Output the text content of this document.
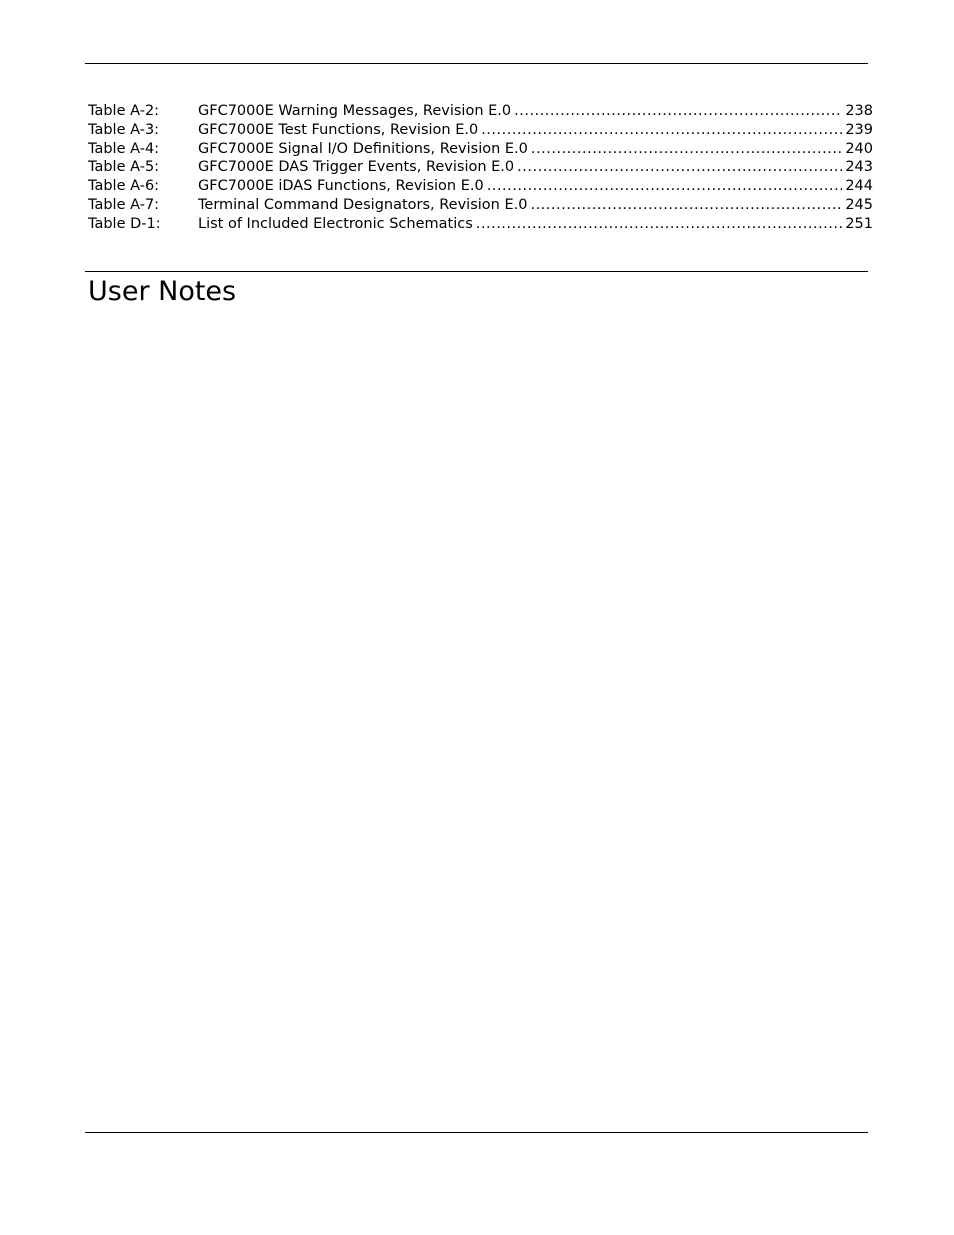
Table A-2:	GFC7000E Warning Messages, Revision E.0 .....	238
Table A-3:	GFC7000E Test Functions, Revision E.0 .....	239
Table A-4:	GFC7000E Signal I/O Definitions, Revision E.0 .....	240
Table A-5:	GFC7000E DAS Trigger Events, Revision E.0 .....	243
Table A-6:	GFC7000E iDAS Functions, Revision E.0 .....	244
Table A-7:	Terminal Command Designators, Revision E.0 .....	245
Table D-1:	List of Included Electronic Schematics .....	251
User Notes
